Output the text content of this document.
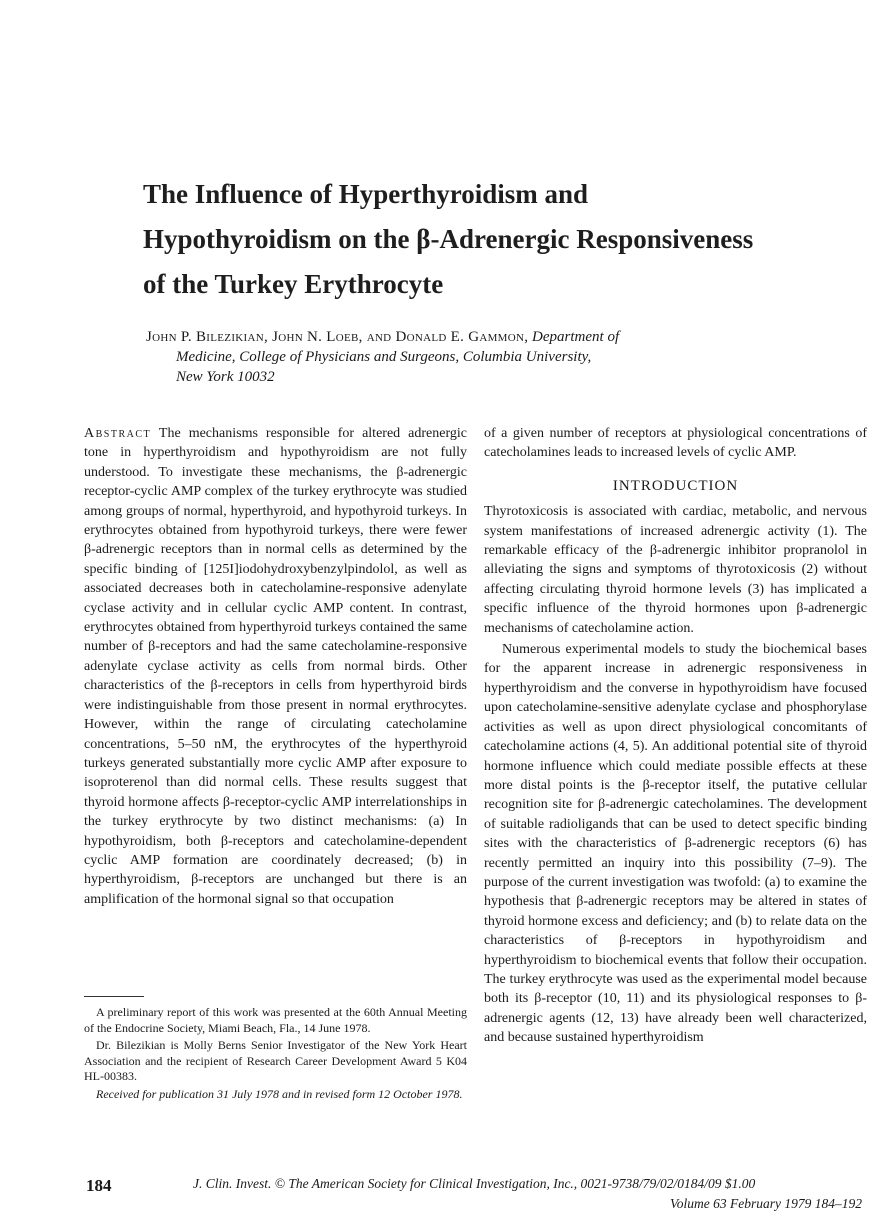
The Influence of Hyperthyroidism and
Hypothyroidism on the β-Adrenergic Responsiveness
of the Turkey Erythrocyte
John P. Bilezikian, John N. Loeb, and Donald E. Gammon, Department of
Medicine, College of Physicians and Surgeons, Columbia University,
New York 10032

Abstract The mechanisms responsible for altered adrenergic tone in hyperthyroidism and hypothyroidism are not fully understood. To investigate these mechanisms, the β-adrenergic receptor-cyclic AMP complex of the turkey erythrocyte was studied among groups of normal, hyperthyroid, and hypothyroid turkeys. In erythrocytes obtained from hypothyroid turkeys, there were fewer β-adrenergic receptors than in normal cells as determined by the specific binding of [125I]iodohydroxybenzylpindolol, as well as associated decreases both in catecholamine-responsive adenylate cyclase activity and in cellular cyclic AMP content. In contrast, erythrocytes obtained from hyperthyroid turkeys contained the same number of β-receptors and had the same catecholamine-responsive adenylate cyclase activity as cells from normal birds. Other characteristics of the β-receptors in cells from hyperthyroid birds were indistinguishable from those present in normal erythrocytes. However, within the range of circulating catecholamine concentrations, 5–50 nM, the erythrocytes of the hyperthyroid turkeys generated substantially more cyclic AMP after exposure to isoproterenol than did normal cells. These results suggest that thyroid hormone affects β-receptor-cyclic AMP interrelationships in the turkey erythrocyte by two distinct mechanisms: (a) In hypothyroidism, both β-receptors and catecholamine-dependent cyclic AMP formation are coordinately decreased; (b) in hyperthyroidism, β-receptors are unchanged but there is an amplification of the hormonal signal so that occupation

of a given number of receptors at physiological concentrations of catecholamines leads to increased levels of cyclic AMP.

INTRODUCTION

Thyrotoxicosis is associated with cardiac, metabolic, and nervous system manifestations of increased adrenergic activity (1). The remarkable efficacy of the β-adrenergic inhibitor propranolol in alleviating the signs and symptoms of thyrotoxicosis (2) without affecting circulating thyroid hormone levels (3) has implicated a specific influence of the thyroid hormones upon β-adrenergic mechanisms of catecholamine action.

Numerous experimental models to study the biochemical bases for the apparent increase in adrenergic responsiveness in hyperthyroidism and the converse in hypothyroidism have focused upon catecholamine-sensitive adenylate cyclase and phosphorylase activities as well as upon direct physiological concomitants of catecholamine actions (4, 5). An additional potential site of thyroid hormone influence which could mediate possible effects at these more distal points is the β-receptor itself, the putative cellular recognition site for β-adrenergic catecholamines. The development of suitable radioligands that can be used to detect specific binding sites with the characteristics of β-adrenergic receptors (6) has recently permitted an inquiry into this possibility (7–9). The purpose of the current investigation was twofold: (a) to examine the hypothesis that β-adrenergic receptors may be altered in states of thyroid hormone excess and deficiency; and (b) to relate data on the characteristics of β-receptors in hypothyroidism and hyperthyroidism to biochemical events that follow their occupation. The turkey erythrocyte was used as the experimental model because both its β-receptor (10, 11) and its physiological responses to β-adrenergic agents (12, 13) have already been well characterized, and because sustained hyperthyroidism

A preliminary report of this work was presented at the 60th Annual Meeting of the Endocrine Society, Miami Beach, Fla., 14 June 1978.

Dr. Bilezikian is Molly Berns Senior Investigator of the New York Heart Association and the recipient of Research Career Development Award 5 K04 HL-00383.

Received for publication 31 July 1978 and in revised form 12 October 1978.

184	J. Clin. Invest. © The American Society for Clinical Investigation, Inc., 0021-9738/79/02/0184/09 $1.00
Volume 63 February 1979 184–192
